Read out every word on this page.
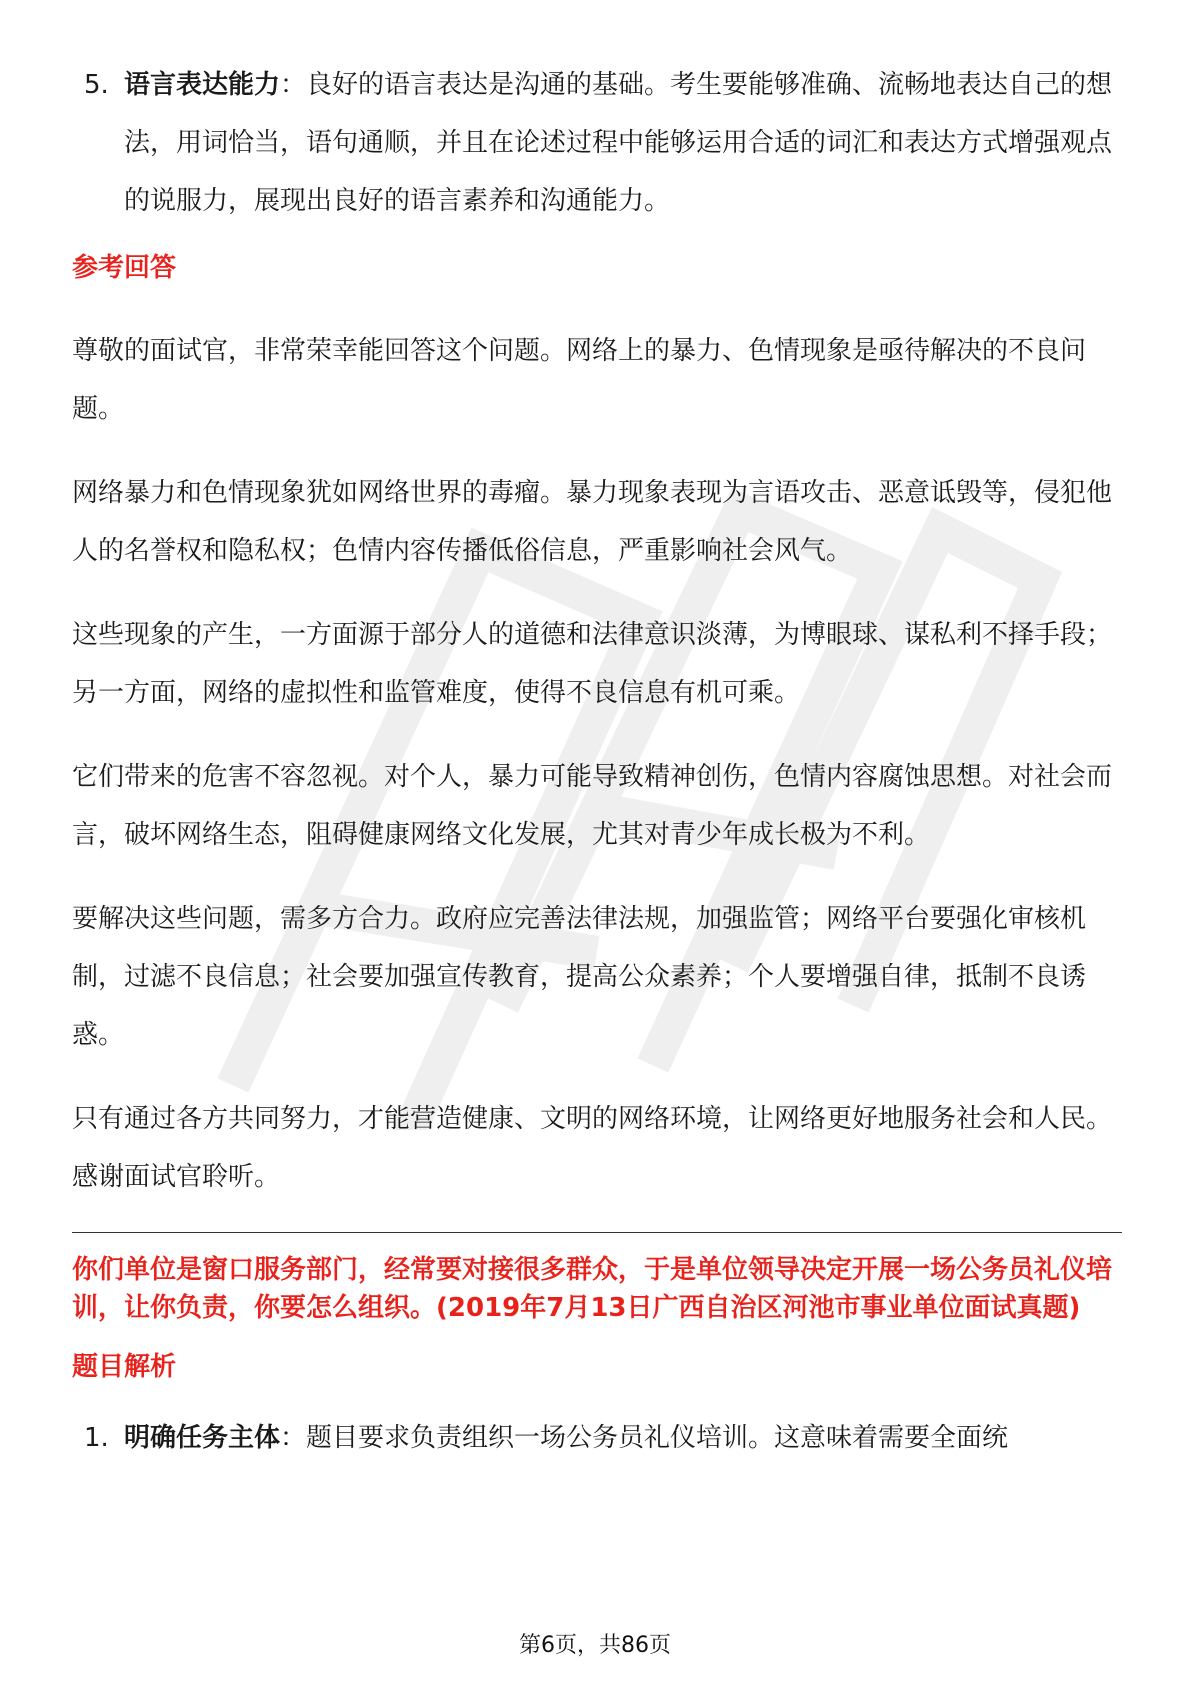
5. 语言表达能力：良好的语言表达是沟通的基础。考生要能够准确、流畅地表达自己的想法，用词恰当，语句通顺，并且在论述过程中能够运用合适的词汇和表达方式增强观点的说服力，展现出良好的语言素养和沟通能力。
参考回答

尊敬的面试官，非常荣幸能回答这个问题。网络上的暴力、色情现象是亟待解决的不良问题。

网络暴力和色情现象犹如网络世界的毒瘤。暴力现象表现为言语攻击、恶意诋毁等，侵犯他人的名誉权和隐私权；色情内容传播低俗信息，严重影响社会风气。

这些现象的产生，一方面源于部分人的道德和法律意识淡薄，为博眼球、谋私利不择手段；另一方面，网络的虚拟性和监管难度，使得不良信息有机可乘。

它们带来的危害不容忽视。对个人，暴力可能导致精神创伤，色情内容腐蚀思想。对社会而言，破坏网络生态，阻碍健康网络文化发展，尤其对青少年成长极为不利。

要解决这些问题，需多方合力。政府应完善法律法规，加强监管；网络平台要强化审核机制，过滤不良信息；社会要加强宣传教育，提高公众素养；个人要增强自律，抵制不良诱惑。

只有通过各方共同努力，才能营造健康、文明的网络环境，让网络更好地服务社会和人民。感谢面试官聆听。

你们单位是窗口服务部门，经常要对接很多群众，于是单位领导决定开展一场公务员礼仪培训，让你负责，你要怎么组织。(2019年7月13日广西自治区河池市事业单位面试真题)

题目解析
1. 明确任务主体：题目要求负责组织一场公务员礼仪培训。这意味着需要全面统
第6页，共86页
